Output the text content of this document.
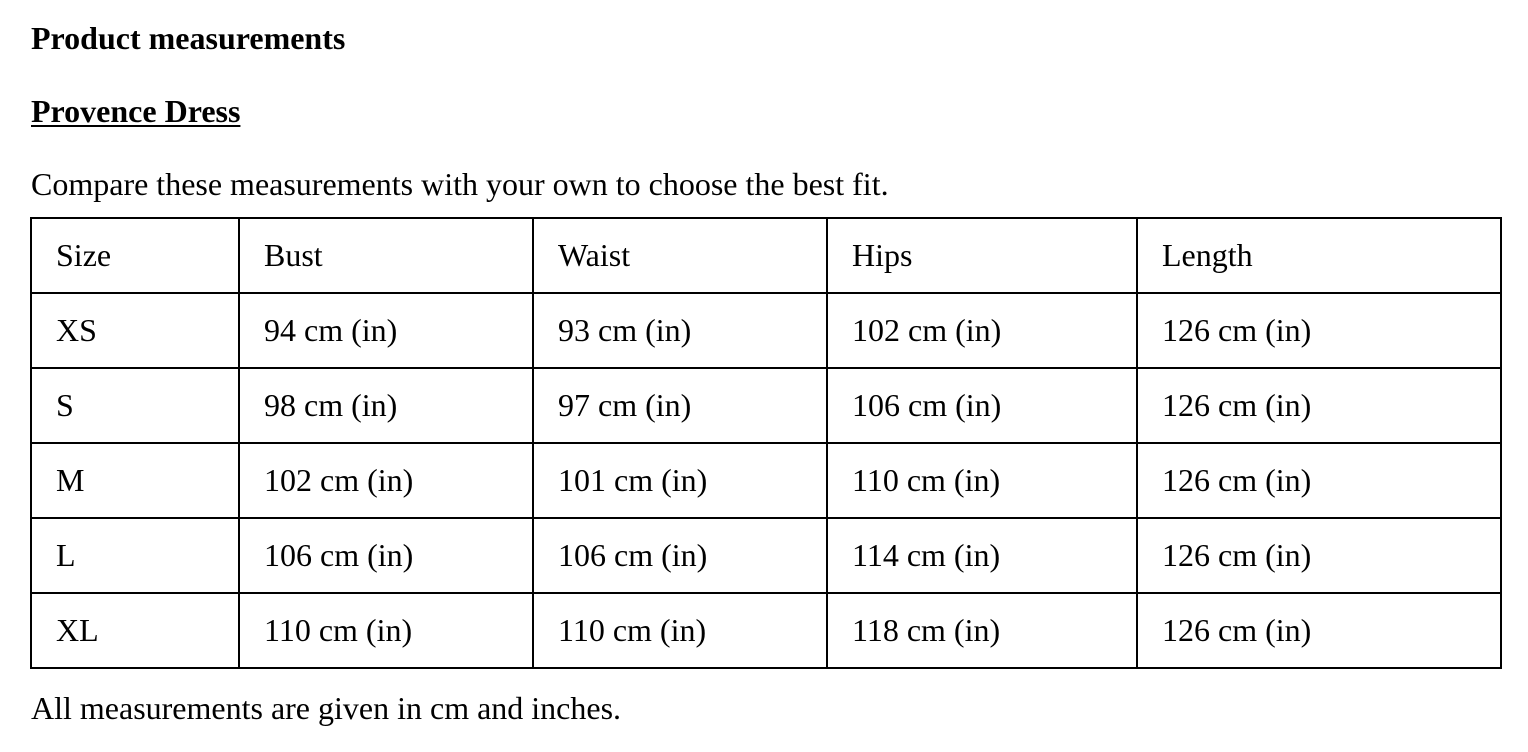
Product measurements
Provence Dress
Compare these measurements with your own to choose the best fit.
Size	Bust	Waist	Hips	Length
XS	94 cm (in)	93 cm (in)	102 cm (in)	126 cm (in)
S	98 cm (in)	97 cm (in)	106 cm (in)	126 cm (in)
M	102 cm (in)	101 cm (in)	110 cm (in)	126 cm (in)
L	106 cm (in)	106 cm (in)	114 cm (in)	126 cm (in)
XL	110 cm (in)	110 cm (in)	118 cm (in)	126 cm (in)
All measurements are given in cm and inches.
